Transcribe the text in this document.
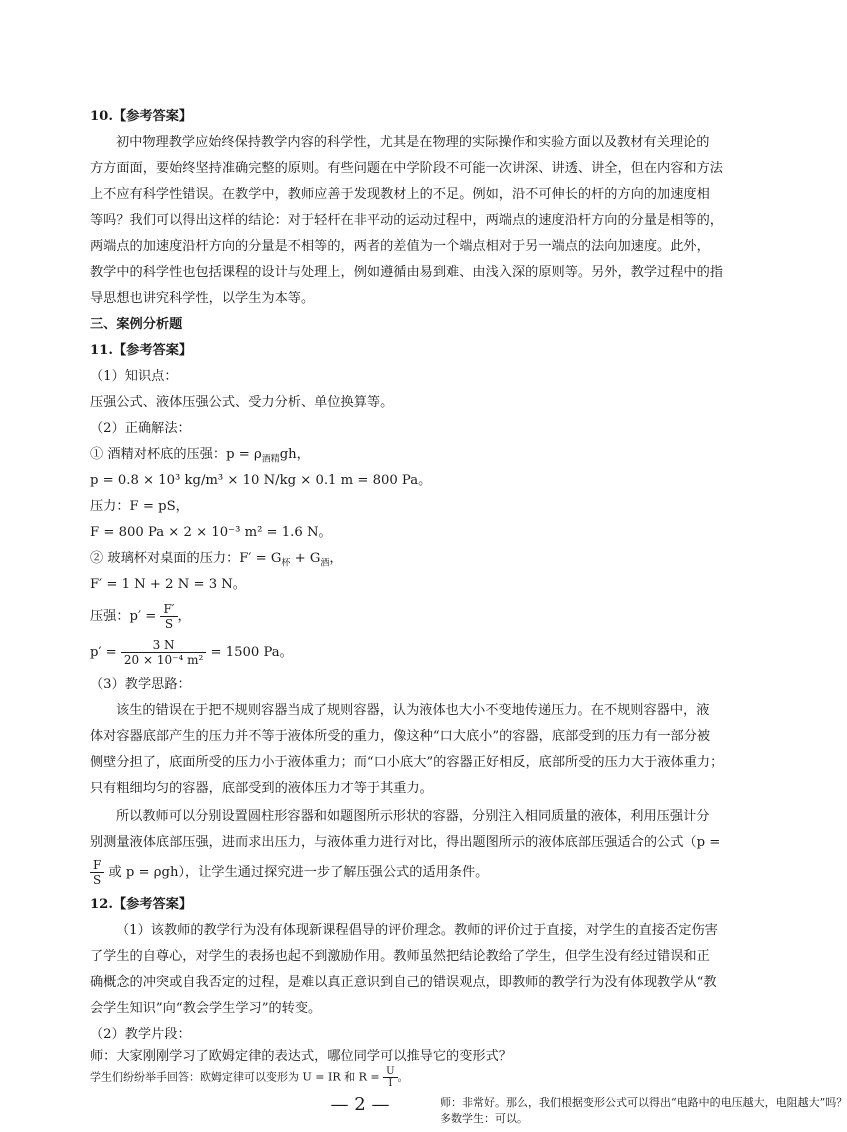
10.【参考答案】
初中物理教学应始终保持教学内容的科学性，尤其是在物理的实际操作和实验方面以及教材有关理论的
方方面面，要始终坚持准确完整的原则。有些问题在中学阶段不可能一次讲深、讲透、讲全，但在内容和方法
上不应有科学性错误。在教学中，教师应善于发现教材上的不足。例如，沿不可伸长的杆的方向的加速度相
等吗？我们可以得出这样的结论：对于轻杆在非平动的运动过程中，两端点的速度沿杆方向的分量是相等的，
两端点的加速度沿杆方向的分量是不相等的，两者的差值为一个端点相对于另一端点的法向加速度。此外，
教学中的科学性也包括课程的设计与处理上，例如遵循由易到难、由浅入深的原则等。另外，教学过程中的指
导思想也讲究科学性，以学生为本等。
三、案例分析题
11.【参考答案】
（1）知识点：
压强公式、液体压强公式、受力分析、单位换算等。
（2）正确解法：
① 酒精对杯底的压强：$p = \rho_{酒精}gh$，
p = 0.8 × 10³ kg/m³ × 10 N/kg × 0.1 m = 800 Pa。
压力：F = pS，
F = 800 Pa × 2 × 10⁻³ m² = 1.6 N。
② 玻璃杯对桌面的压力：$F' = G_杯 + G_酒$，
F′ = 1 N + 2 N = 3 N。
压强：$p' = \frac{F'}{S}$ ，
$p' = \frac{3 N}{\text{20 × 10⁻⁴ m²}} = 1500$ Pa。
（3）教学思路：
该生的错误在于把不规则容器当成了规则容器，认为液体也大小不变地传递压力。在不规则容器中，液
体对容器底部产生的压力并不等于液体所受的重力，像这种“口大底小”的容器，底部受到的压力有一部分被
侧壁分担了，底面所受的压力小于液体重力；而“口小底大”的容器正好相反，底部所受的压力大于液体重力；
只有粗细均匀的容器，底部受到的液体压力才等于其重力。
所以教师可以分别设置圆柱形容器和如题图所示形状的容器，分别注入相同质量的液体，利用压强计分
别测量液体底部压强，进而求出压力，与液体重力进行对比，得出题图所示的液体底部压强适合的公式（p =
$\frac{F}{S}$ 或 p = ρgh），让学生通过探究进一步了解压强公式的适用条件。
12.【参考答案】
（1）该教师的教学行为没有体现新课程倡导的评价理念。教师的评价过于直接，对学生的直接否定伤害
了学生的自尊心，对学生的表扬也起不到激励作用。教师虽然把结论教给了学生，但学生没有经过错误和正
确概念的冲突或自我否定的过程，是难以真正意识到自己的错误观点，即教师的教学行为没有体现教学从“教
会学生知识”向“教会学生学习”的转变。
（2）教学片段：
师：大家刚刚学习了欧姆定律的表达式，哪位同学可以推导它的变形式？
学生们纷纷举手回答：欧姆定律可以变形为 U = IR 和 $R = \frac{U}{I}$ 。
师：非常好。那么，我们根据变形公式可以得出“电路中的电压越大，电阻越大”吗？
多数学生：可以。
— 2 —
